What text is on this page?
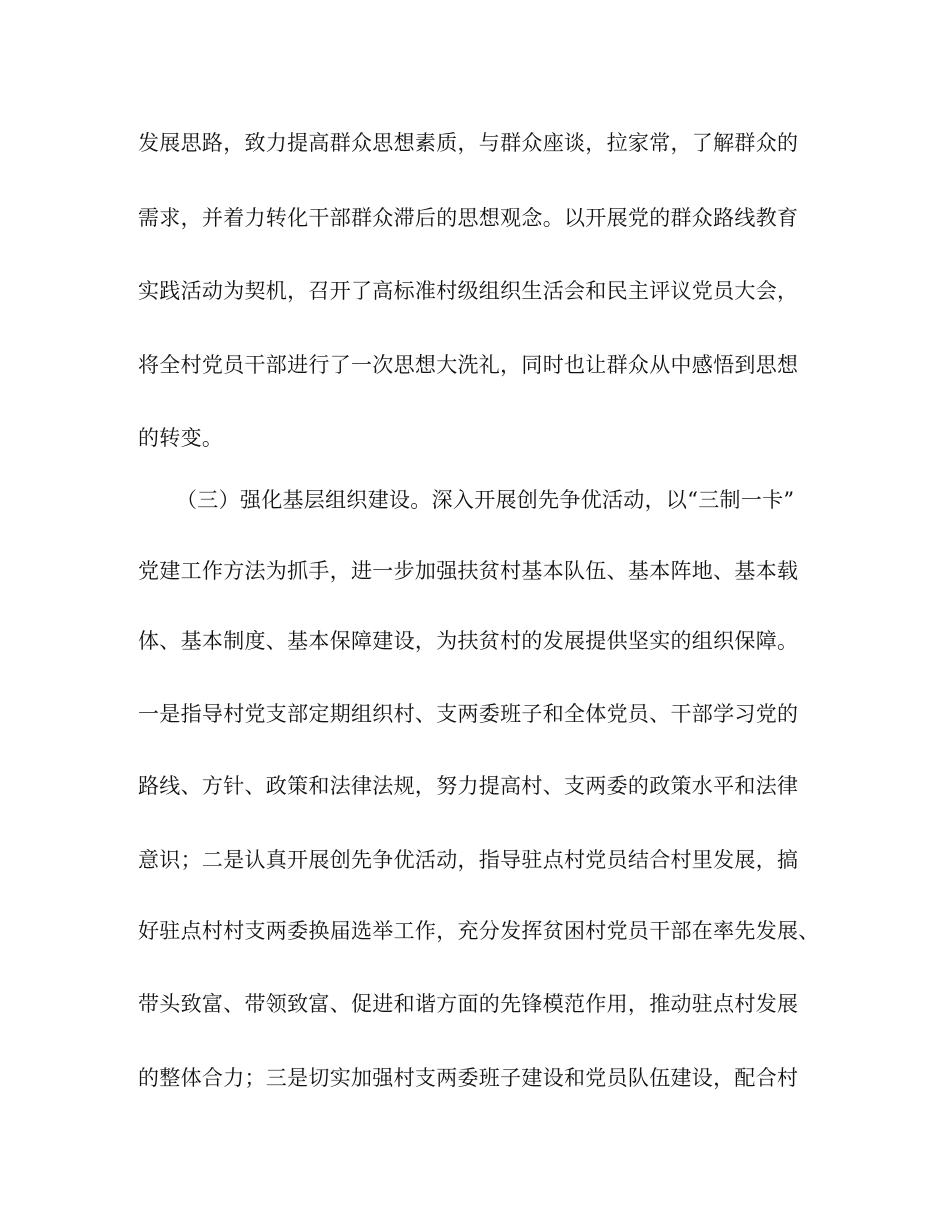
发展思路，致力提高群众思想素质，与群众座谈，拉家常，了解群众的
需求，并着力转化干部群众滞后的思想观念。以开展党的群众路线教育
实践活动为契机，召开了高标准村级组织生活会和民主评议党员大会，
将全村党员干部进行了一次思想大洗礼，同时也让群众从中感悟到思想
的转变。
（三）强化基层组织建设。深入开展创先争优活动，以“三制一卡”
党建工作方法为抓手，进一步加强扶贫村基本队伍、基本阵地、基本载
体、基本制度、基本保障建设，为扶贫村的发展提供坚实的组织保障。
一是指导村党支部定期组织村、支两委班子和全体党员、干部学习党的
路线、方针、政策和法律法规，努力提高村、支两委的政策水平和法律
意识；二是认真开展创先争优活动，指导驻点村党员结合村里发展，搞
好驻点村村支两委换届选举工作，充分发挥贫困村党员干部在率先发展、
带头致富、带领致富、促进和谐方面的先锋模范作用，推动驻点村发展
的整体合力；三是切实加强村支两委班子建设和党员队伍建设，配合村
